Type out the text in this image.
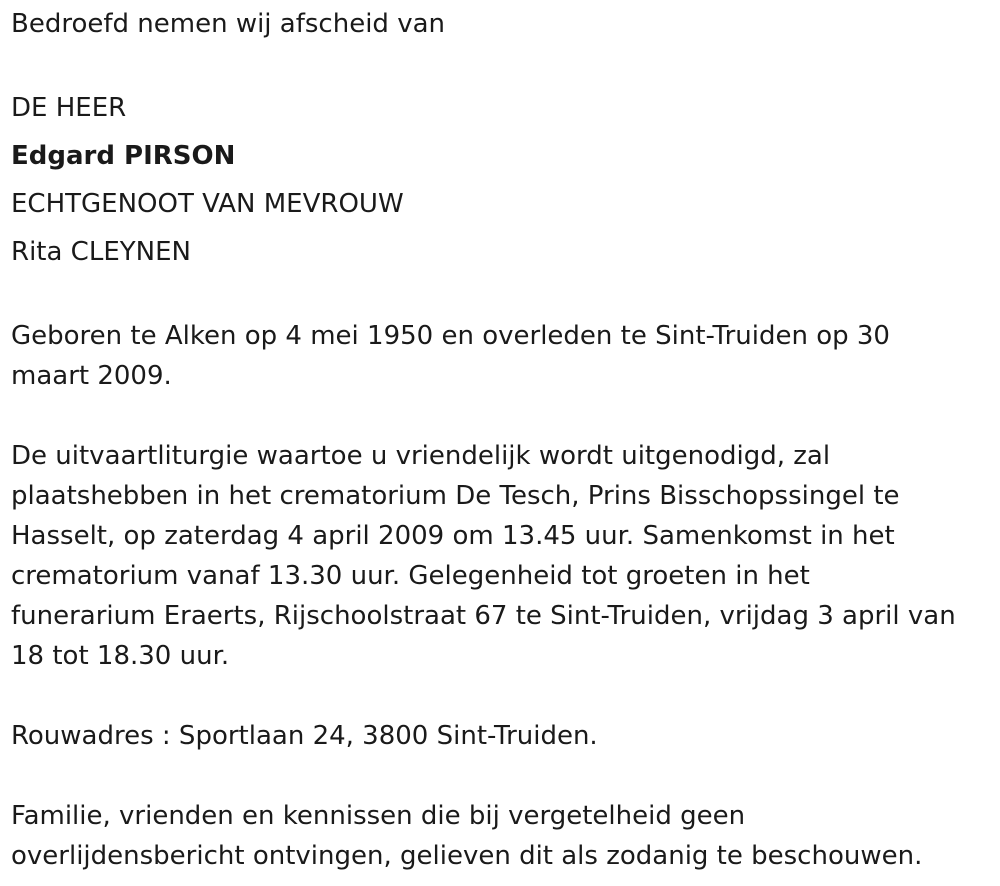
Bedroefd nemen wij afscheid van
DE HEER
Edgard PIRSON
ECHTGENOOT VAN MEVROUW
Rita CLEYNEN
Geboren te Alken op 4 mei 1950 en overleden te Sint-Truiden op 30
maart 2009.
De uitvaartliturgie waartoe u vriendelijk wordt uitgenodigd, zal
plaatshebben in het crematorium De Tesch, Prins Bisschopssingel te
Hasselt, op zaterdag 4 april 2009 om 13.45 uur. Samenkomst in het
crematorium vanaf 13.30 uur. Gelegenheid tot groeten in het
funerarium Eraerts, Rijschoolstraat 67 te Sint-Truiden, vrijdag 3 april van
18 tot 18.30 uur.
Rouwadres : Sportlaan 24, 3800 Sint-Truiden.
Familie, vrienden en kennissen die bij vergetelheid geen
overlijdensbericht ontvingen, gelieven dit als zodanig te beschouwen.
